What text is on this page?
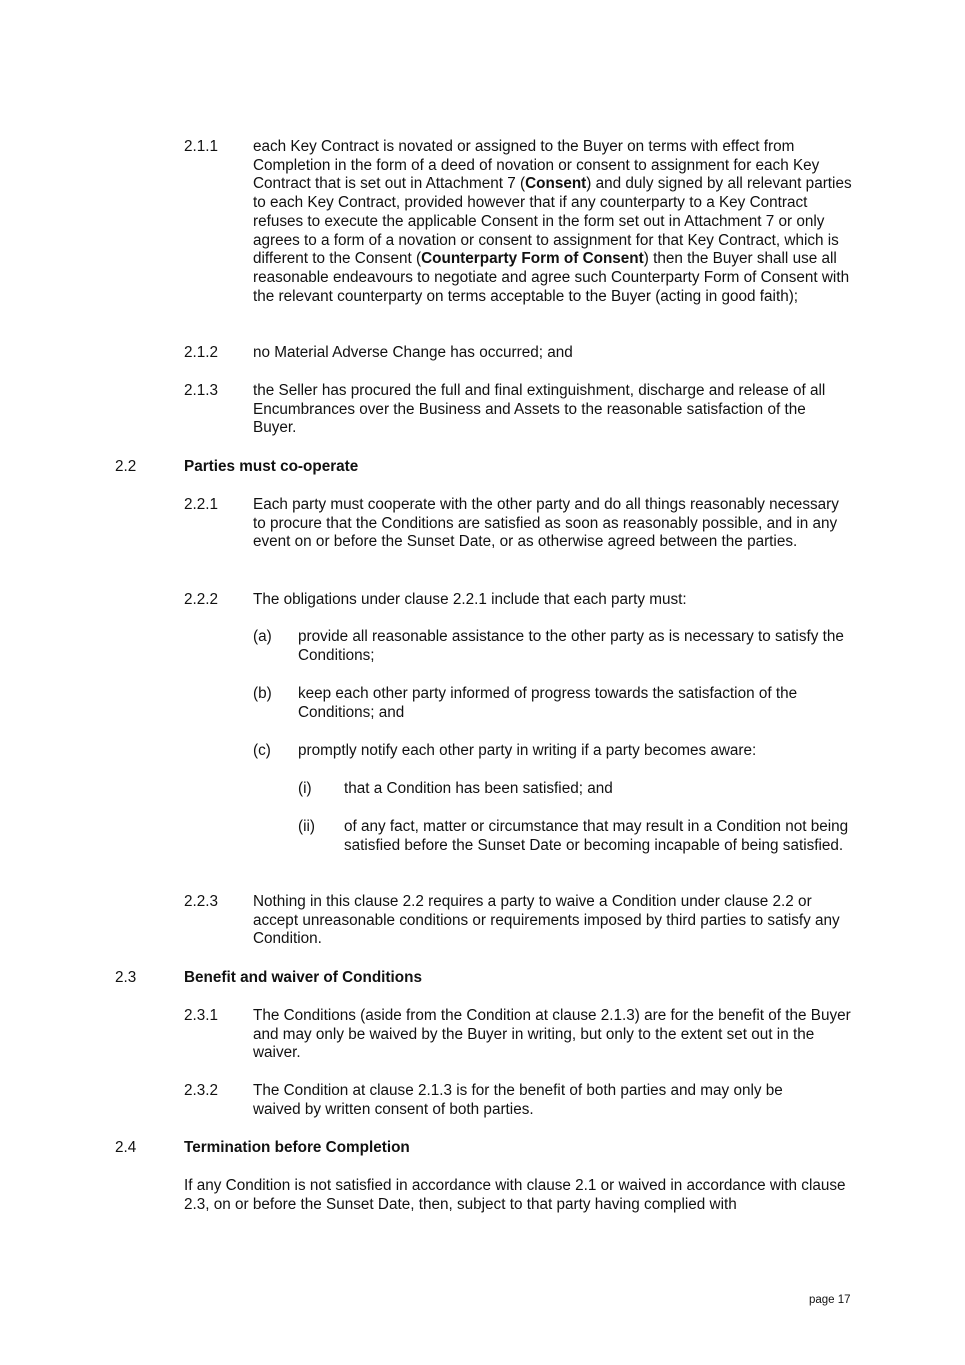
2.1.1 each Key Contract is novated or assigned to the Buyer on terms with effect from Completion in the form of a deed of novation or consent to assignment for each Key Contract that is set out in Attachment 7 (Consent) and duly signed by all relevant parties to each Key Contract, provided however that if any counterparty to a Key Contract refuses to execute the applicable Consent in the form set out in Attachment 7 or only agrees to a form of a novation or consent to assignment for that Key Contract, which is different to the Consent (Counterparty Form of Consent) then the Buyer shall use all reasonable endeavours to negotiate and agree such Counterparty Form of Consent with the relevant counterparty on terms acceptable to the Buyer (acting in good faith);
2.1.2 no Material Adverse Change has occurred; and
2.1.3 the Seller has procured the full and final extinguishment, discharge and release of all Encumbrances over the Business and Assets to the reasonable satisfaction of the Buyer.
2.2	Parties must co-operate
2.2.1 Each party must cooperate with the other party and do all things reasonably necessary to procure that the Conditions are satisfied as soon as reasonably possible, and in any event on or before the Sunset Date, or as otherwise agreed between the parties.
2.2.2 The obligations under clause 2.2.1 include that each party must:
(a) provide all reasonable assistance to the other party as is necessary to satisfy the Conditions;
(b) keep each other party informed of progress towards the satisfaction of the Conditions; and
(c) promptly notify each other party in writing if a party becomes aware:
(i) that a Condition has been satisfied; and
(ii) of any fact, matter or circumstance that may result in a Condition not being satisfied before the Sunset Date or becoming incapable of being satisfied.
2.2.3 Nothing in this clause 2.2 requires a party to waive a Condition under clause 2.2 or accept unreasonable conditions or requirements imposed by third parties to satisfy any Condition.
2.3	Benefit and waiver of Conditions
2.3.1 The Conditions (aside from the Condition at clause 2.1.3) are for the benefit of the Buyer and may only be waived by the Buyer in writing, but only to the extent set out in the waiver.
2.3.2 The Condition at clause 2.1.3 is for the benefit of both parties and may only be waived by written consent of both parties.
2.4	Termination before Completion
If any Condition is not satisfied in accordance with clause 2.1 or waived in accordance with clause 2.3, on or before the Sunset Date, then, subject to that party having complied with
page 17
